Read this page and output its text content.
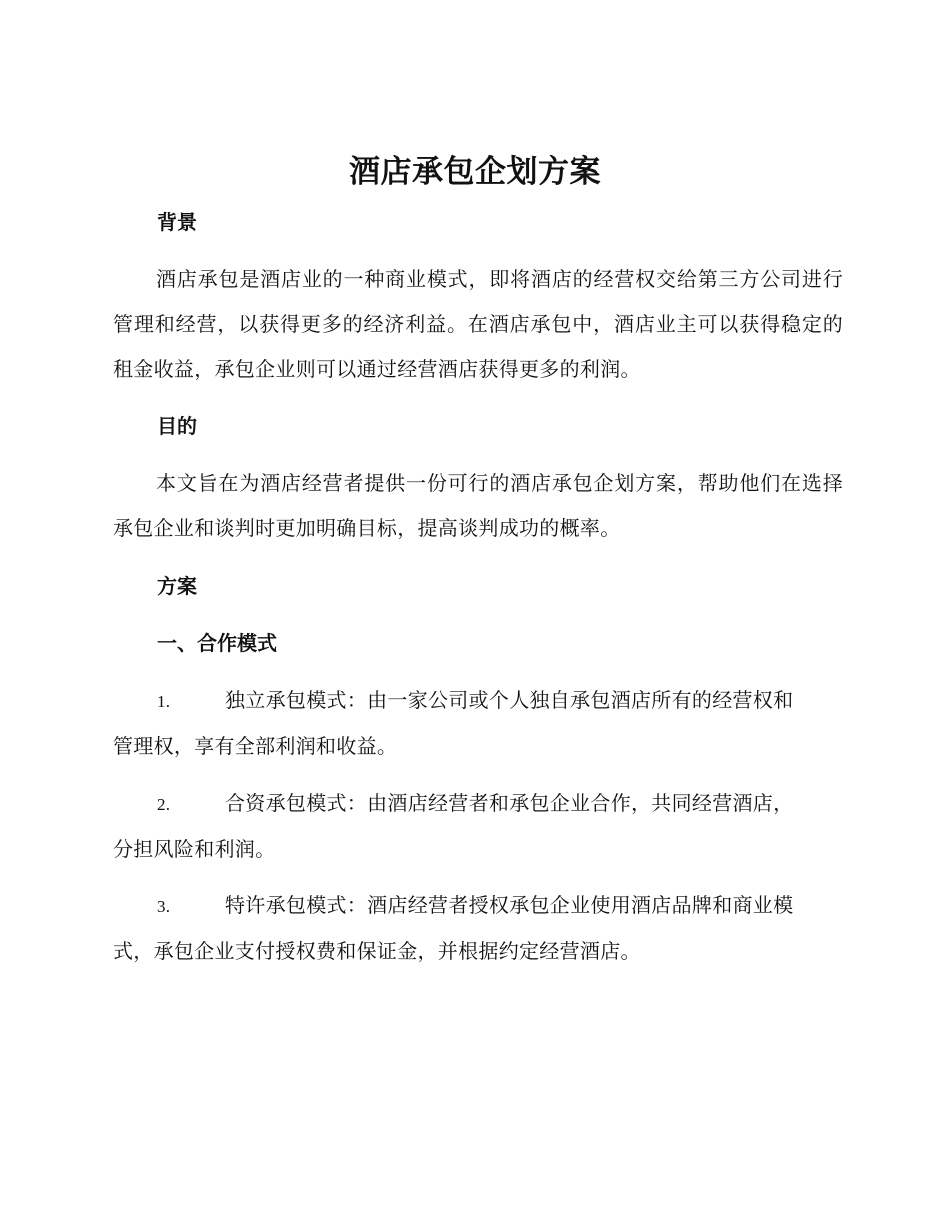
酒店承包企划方案
背景
酒店承包是酒店业的一种商业模式，即将酒店的经营权交给第三方公司进行管理和经营，以获得更多的经济利益。在酒店承包中，酒店业主可以获得稳定的租金收益，承包企业则可以通过经营酒店获得更多的利润。
目的
本文旨在为酒店经营者提供一份可行的酒店承包企划方案，帮助他们在选择承包企业和谈判时更加明确目标，提高谈判成功的概率。
方案
一、合作模式
1.	独立承包模式：由一家公司或个人独自承包酒店所有的经营权和
管理权，享有全部利润和收益。
2.	合资承包模式：由酒店经营者和承包企业合作，共同经营酒店，
分担风险和利润。
3.	特许承包模式：酒店经营者授权承包企业使用酒店品牌和商业模
式，承包企业支付授权费和保证金，并根据约定经营酒店。
